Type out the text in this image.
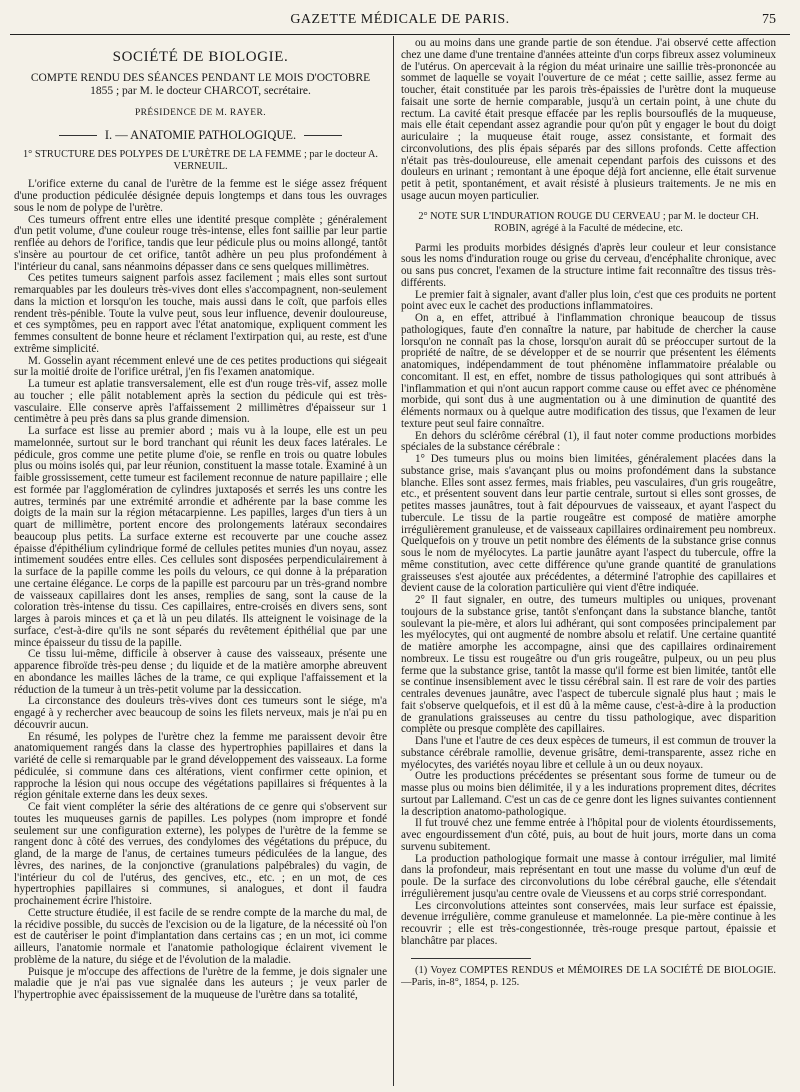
GAZETTE MÉDICALE DE PARIS.	75
SOCIÉTÉ DE BIOLOGIE.
COMPTE RENDU DES SÉANCES PENDANT LE MOIS D'OCTOBRE 1855 ; par M. le docteur CHARCOT, secrétaire.
PRÉSIDENCE DE M. RAYER.
I. — ANATOMIE PATHOLOGIQUE.
1° STRUCTURE DES POLYPES DE L'URÈTRE DE LA FEMME ; par le docteur A. VERNEUIL.

L'orifice externe du canal de l'urètre de la femme est le siége assez fréquent d'une production pédiculée désignée depuis longtemps et dans tous les ouvrages sous le nom de polype de l'urètre.

Ces tumeurs offrent entre elles une identité presque complète ; généralement d'un petit volume, d'une couleur rouge très-intense, elles font saillie par leur partie renflée au dehors de l'orifice, tandis que leur pédicule plus ou moins allongé, tantôt s'insère au pourtour de cet orifice, tantôt adhère un peu plus profondément à l'intérieur du canal, sans néanmoins dépasser dans ce sens quelques millimètres.

Ces petites tumeurs saignent parfois assez facilement ; mais elles sont surtout remarquables par les douleurs très-vives dont elles s'accompagnent, non-seulement dans la miction et lorsqu'on les touche, mais aussi dans le coït, que parfois elles rendent très-pénible. Toute la vulve peut, sous leur influence, devenir douloureuse, et ces symptômes, peu en rapport avec l'état anatomique, expliquent comment les femmes consultent de bonne heure et réclament l'extirpation qui, au reste, est d'une extrême simplicité.

M. Gosselin ayant récemment enlevé une de ces petites productions qui siégeait sur la moitié droite de l'orifice urétral, j'en fis l'examen anatomique.

La tumeur est aplatie transversalement, elle est d'un rouge très-vif, assez molle au toucher ; elle pâlit notablement après la section du pédicule qui est très-vasculaire. Elle conserve après l'affaissement 2 millimètres d'épaisseur sur 1 centimètre à peu près dans sa plus grande dimension.

La surface est lisse au premier abord ; mais vu à la loupe, elle est un peu mamelonnée, surtout sur le bord tranchant qui réunit les deux faces latérales. Le pédicule, gros comme une petite plume d'oie, se renfle en trois ou quatre lobules plus ou moins isolés qui, par leur réunion, constituent la masse totale. Examiné à un faible grossissement, cette tumeur est facilement reconnue de nature papillaire ; elle est formée par l'agglomération de cylindres juxtaposés et serrés les uns contre les autres, terminés par une extrémité arrondie et adhérente par la base comme les doigts de la main sur la région métacarpienne. Les papilles, larges d'un tiers à un quart de millimètre, portent encore des prolongements latéraux secondaires beaucoup plus petits. La surface externe est recouverte par une couche assez épaisse d'épithélium cylindrique formé de cellules petites munies d'un noyau, assez intimement soudées entre elles. Ces cellules sont disposées perpendiculairement à la surface de la papille comme les poils du velours, ce qui donne à la préparation une certaine élégance. Le corps de la papille est parcouru par un très-grand nombre de vaisseaux capillaires dont les anses, remplies de sang, sont la cause de la coloration très-intense du tissu. Ces capillaires, entre-croisés en divers sens, sont larges à parois minces et ça et là un peu dilatés. Ils atteignent le voisinage de la surface, c'est-à-dire qu'ils ne sont séparés du revêtement épithélial que par une mince épaisseur du tissu de la papille.

Ce tissu lui-même, difficile à observer à cause des vaisseaux, présente une apparence fibroïde très-peu dense ; du liquide et de la matière amorphe abreuvent en abondance les mailles lâches de la trame, ce qui explique l'affaissement et la réduction de la tumeur à un très-petit volume par la dessiccation.

La circonstance des douleurs très-vives dont ces tumeurs sont le siége, m'a engagé à y rechercher avec beaucoup de soins les filets nerveux, mais je n'ai pu en découvrir aucun.

En résumé, les polypes de l'urètre chez la femme me paraissent devoir être anatomiquement rangés dans la classe des hypertrophies papillaires et dans la variété de celle si remarquable par le grand développement des vaisseaux. La forme pédiculée, si commune dans ces altérations, vient confirmer cette opinion, et rapproche la lésion qui nous occupe des végétations papillaires si fréquentes à la région génitale externe dans les deux sexes.

Ce fait vient compléter la série des altérations de ce genre qui s'observent sur toutes les muqueuses garnis de papilles. Les polypes (nom impropre et fondé seulement sur une configuration externe), les polypes de l'urètre de la femme se rangent donc à côté des verrues, des condylomes des végétations du prépuce, du gland, de la marge de l'anus, de certaines tumeurs pédiculées de la langue, des lèvres, des narines, de la conjonctive (granulations palpébrales) du vagin, de l'intérieur du col de l'utérus, des gencives, etc., etc. ; en un mot, de ces hypertrophies papillaires si communes, si analogues, et dont il faudra prochainement écrire l'histoire.

Cette structure étudiée, il est facile de se rendre compte de la marche du mal, de la récidive possible, du succès de l'excision ou de la ligature, de la nécessité où l'on est de cautériser le point d'implantation dans certains cas ; en un mot, ici comme ailleurs, l'anatomie normale et l'anatomie pathologique éclairent vivement le problème de la nature, du siége et de l'évolution de la maladie.

Puisque je m'occupe des affections de l'urètre de la femme, je dois signaler une maladie que je n'ai pas vue signalée dans les auteurs ; je veux parler de l'hypertrophie avec épaississement de la muqueuse de l'urètre dans sa totalité,

ou au moins dans une grande partie de son étendue. J'ai observé cette affection chez une dame d'une trentaine d'années atteinte d'un corps fibreux assez volumineux de l'utérus. On apercevait à la région du méat urinaire une saillie très-prononcée au sommet de laquelle se voyait l'ouverture de ce méat ; cette saillie, assez ferme au toucher, était constituée par les parois très-épaissies de l'urètre dont la muqueuse faisait une sorte de hernie comparable, jusqu'à un certain point, à une chute du rectum. La cavité était presque effacée par les replis boursouflés de la muqueuse, mais elle était cependant assez agrandie pour qu'on pût y engager le bout du doigt auriculaire ; la muqueuse était rouge, assez consistante, et formait des circonvolutions, des plis épais séparés par des sillons profonds. Cette affection n'était pas très-douloureuse, elle amenait cependant parfois des cuissons et des douleurs en urinant ; remontant à une époque déjà fort ancienne, elle était survenue petit à petit, spontanément, et avait résisté à plusieurs traitements. Je ne mis en usage aucun moyen particulier.

2° NOTE SUR L'INDURATION ROUGE DU CERVEAU ; par M. le docteur CH. ROBIN, agrégé à la Faculté de médecine, etc.

Parmi les produits morbides désignés d'après leur couleur et leur consistance sous les noms d'induration rouge ou grise du cerveau, d'encéphalite chronique, avec ou sans pus concret, l'examen de la structure intime fait reconnaître des tissus très-différents.

Le premier fait à signaler, avant d'aller plus loin, c'est que ces produits ne portent point avec eux le cachet des productions inflammatoires.

On a, en effet, attribué à l'inflammation chronique beaucoup de tissus pathologiques, faute d'en connaître la nature, par habitude de chercher la cause lorsqu'on ne connaît pas la chose, lorsqu'on aurait dû se préoccuper surtout de la propriété de naître, de se développer et de se nourrir que présentent les éléments anatomiques, indépendamment de tout phénomène inflammatoire préalable ou concomitant. Il est, en effet, nombre de tissus pathologiques qui sont attribués à l'inflammation et qui n'ont aucun rapport comme cause ou effet avec ce phénomène morbide, qui sont dus à une augmentation ou à une diminution de quantité des éléments normaux ou à quelque autre modification des tissus, que l'examen de leur texture peut seul faire connaître.

En dehors du sclérôme cérébral (1), il faut noter comme productions morbides spéciales de la substance cérébrale :

1° Des tumeurs plus ou moins bien limitées, généralement placées dans la substance grise, mais s'avançant plus ou moins profondément dans la substance blanche. Elles sont assez fermes, mais friables, peu vasculaires, d'un gris rougeâtre, etc., et présentent souvent dans leur partie centrale, surtout si elles sont grosses, de petites masses jaunâtres, tout à fait dépourvues de vaisseaux, et ayant l'aspect du tubercule. Le tissu de la partie rougeâtre est composé de matière amorphe irrégulièrement granuleuse, et de vaisseaux capillaires ordinairement peu nombreux. Quelquefois on y trouve un petit nombre des éléments de la substance grise connus sous le nom de myélocytes. La partie jaunâtre ayant l'aspect du tubercule, offre la même constitution, avec cette différence qu'une grande quantité de granulations graisseuses s'est ajoutée aux précédentes, a déterminé l'atrophie des capillaires et devient cause de la coloration particulière qui vient d'être indiquée.

2° Il faut signaler, en outre, des tumeurs multiples ou uniques, provenant toujours de la substance grise, tantôt s'enfonçant dans la substance blanche, tantôt soulevant la pie-mère, et alors lui adhérant, qui sont composées principalement par les myélocytes, qui ont augmenté de nombre absolu et relatif. Une certaine quantité de matière amorphe les accompagne, ainsi que des capillaires ordinairement nombreux. Le tissu est rougeâtre ou d'un gris rougeâtre, pulpeux, ou un peu plus ferme que la substance grise, tantôt la masse qu'il forme est bien limitée, tantôt elle se continue insensiblement avec le tissu cérébral sain. Il est rare de voir des parties centrales devenues jaunâtre, avec l'aspect de tubercule signalé plus haut ; mais le fait s'observe quelquefois, et il est dû à la même cause, c'est-à-dire à la production de granulations graisseuses au centre du tissu pathologique, avec disparition complète ou presque complète des capillaires.

Dans l'une et l'autre de ces deux espèces de tumeurs, il est commun de trouver la substance cérébrale ramollie, devenue grisâtre, demi-transparente, assez riche en myélocytes, des variétés noyau libre et cellule à un ou deux noyaux.

Outre les productions précédentes se présentant sous forme de tumeur ou de masse plus ou moins bien délimitée, il y a les indurations proprement dites, décrites surtout par Lallemand. C'est un cas de ce genre dont les lignes suivantes contiennent la description anatomo-pathologique.

Il fut trouvé chez une femme entrée à l'hôpital pour de violents étourdissements, avec engourdissement d'un côté, puis, au bout de huit jours, morte dans un coma survenu subitement.

La production pathologique formait une masse à contour irrégulier, mal limité dans la profondeur, mais représentant en tout une masse du volume d'un œuf de poule. De la surface des circonvolutions du lobe cérébral gauche, elle s'étendait irrégulièrement jusqu'au centre ovale de Vieussens et au corps strié correspondant.

Les circonvolutions atteintes sont conservées, mais leur surface est épaissie, devenue irrégulière, comme granuleuse et mamelonnée. La pie-mère continue à les recouvrir ; elle est très-congestionnée, très-rouge presque partout, épaissie et blanchâtre par places.

(1) Voyez COMPTES RENDUS et MÉMOIRES DE LA SOCIÉTÉ DE BIOLOGIE.—Paris, in-8°, 1854, p. 125.
